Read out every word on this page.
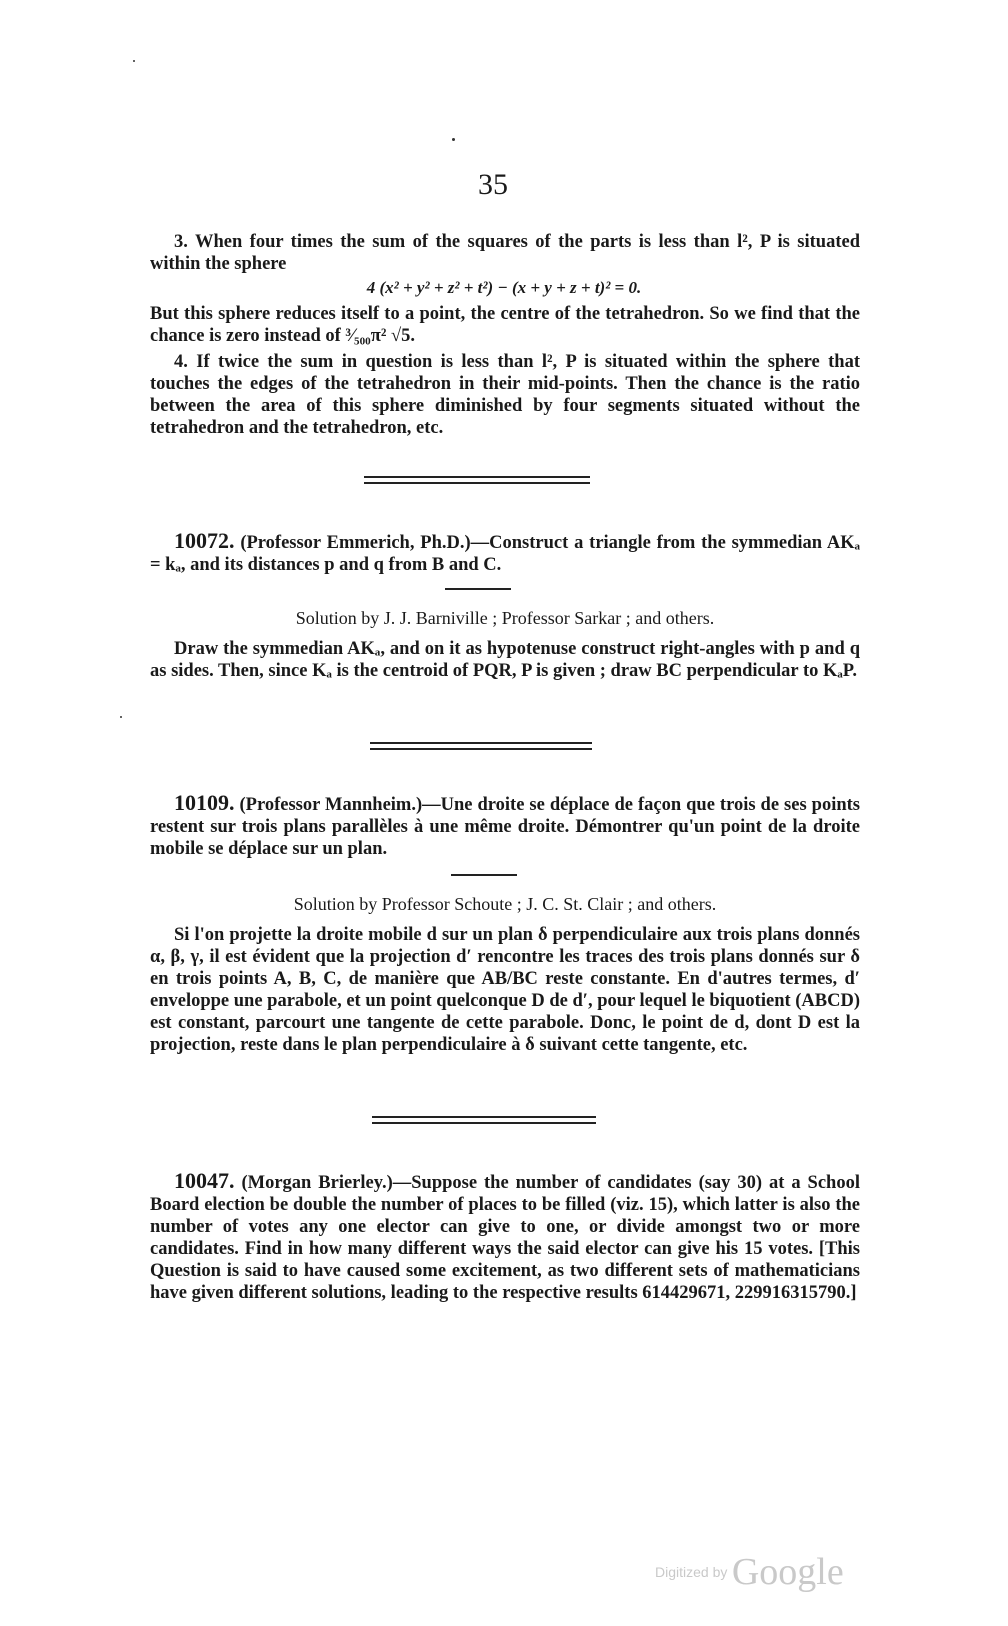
35

3. When four times the sum of the squares of the parts is less than l², P is situated within the sphere

4 (x² + y² + z² + t²) − (x + y + z + t)² = 0.

But this sphere reduces itself to a point, the centre of the tetrahedron. So we find that the chance is zero instead of ³⁄₅₀₀π² √5.

4. If twice the sum in question is less than l², P is situated within the sphere that touches the edges of the tetrahedron in their mid-points. Then the chance is the ratio between the area of this sphere diminished by four segments situated without the tetrahedron and the tetrahedron, etc.

10072. (Professor Emmerich, Ph.D.)—Construct a triangle from the symmedian AKₐ = kₐ, and its distances p and q from B and C.

Solution by J. J. Barniville ; Professor Sarkar ; and others.

Draw the symmedian AKₐ, and on it as hypotenuse construct right-angles with p and q as sides. Then, since Kₐ is the centroid of PQR, P is given ; draw BC perpendicular to KₐP.

10109. (Professor Mannheim.)—Une droite se déplace de façon que trois de ses points restent sur trois plans parallèles à une même droite. Démontrer qu'un point de la droite mobile se déplace sur un plan.

Solution by Professor Schoute ; J. C. St. Clair ; and others.

Si l'on projette la droite mobile d sur un plan δ perpendiculaire aux trois plans donnés α, β, γ, il est évident que la projection d′ rencontre les traces des trois plans donnés sur δ en trois points A, B, C, de manière que AB/BC reste constante. En d'autres termes, d′ enveloppe une parabole, et un point quelconque D de d′, pour lequel le biquotient (ABCD) est constant, parcourt une tangente de cette parabole. Donc, le point de d, dont D est la projection, reste dans le plan perpendiculaire à δ suivant cette tangente, etc.

10047. (Morgan Brierley.)—Suppose the number of candidates (say 30) at a School Board election be double the number of places to be filled (viz. 15), which latter is also the number of votes any one elector can give to one, or divide amongst two or more candidates. Find in how many different ways the said elector can give his 15 votes. [This Question is said to have caused some excitement, as two different sets of mathematicians have given different solutions, leading to the respective results 614429671, 229916315790.]

Digitized by Google
